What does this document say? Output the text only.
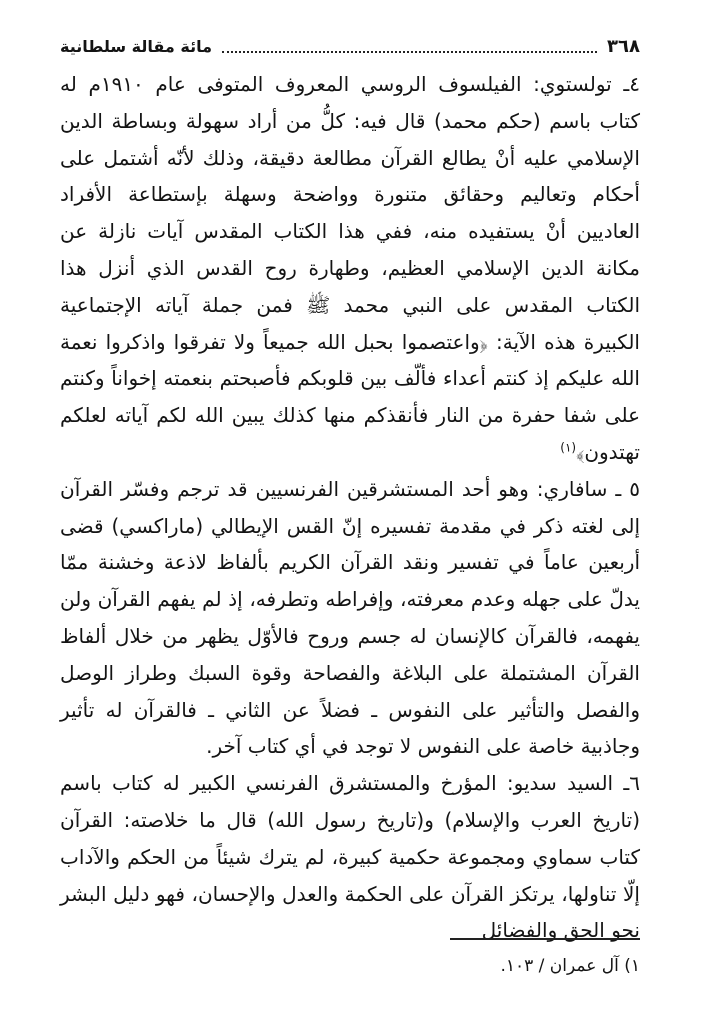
٣٦٨
مائة مقالة سلطانية

٤ـ تولستوي: الفيلسوف الروسي المعروف المتوفى عام ١٩١٠م له كتاب باسم (حكم محمد) قال فيه: كلُّ من أراد سهولة وبساطة الدين الإسلامي عليه أنْ يطالع القرآن مطالعة دقيقة، وذلك لأنّه أشتمل على أحكام وتعاليم وحقائق متنورة وواضحة وسهلة بإستطاعة الأفراد العاديين أنْ يستفيده منه، ففي هذا الكتاب المقدس آيات نازلة عن مكانة الدين الإسلامي العظيم، وطهارة روح القدس الذي أنزل هذا الكتاب المقدس على النبي محمد ﷺ فمن جملة آياته الإجتماعية الكبيرة هذه الآية: ﴿واعتصموا بحبل الله جميعاً ولا تفرقوا واذكروا نعمة الله عليكم إذ كنتم أعداء فألّف بين قلوبكم فأصبحتم بنعمته إخواناً وكنتم على شفا حفرة من النار فأنقذكم منها كذلك يبين الله لكم آياته لعلكم تهتدون﴾$^{(١)}$

٥ ـ سافاري: وهو أحد المستشرقين الفرنسيين قد ترجم وفسّر القرآن إلى لغته ذكر في مقدمة تفسيره إنّ القس الإيطالي (ماراكسي) قضى أربعين عاماً في تفسير ونقد القرآن الكريم بألفاظ لاذعة وخشنة ممّا يدلّ على جهله وعدم معرفته، وإفراطه وتطرفه، إذ لم يفهم القرآن ولن يفهمه، فالقرآن كالإنسان له جسم وروح فالأوّل يظهر من خلال ألفاظ القرآن المشتملة على البلاغة والفصاحة وقوة السبك وطراز الوصل والفصل والتأثير على النفوس ـ فضلاً عن الثاني ـ فالقرآن له تأثير وجاذبية خاصة على النفوس لا توجد في أي كتاب آخر.

٦ـ السيد سديو: المؤرخ والمستشرق الفرنسي الكبير له كتاب باسم (تاريخ العرب والإسلام) و(تاريخ رسول الله) قال ما خلاصته: القرآن كتاب سماوي ومجموعة حكمية كبيرة، لم يترك شيئاً من الحكم والآداب إلّا تناولها، يرتكز القرآن على الحكمة والعدل والإحسان، فهو دليل البشر نحو الحق والفضائل

١) آل عمران / ١٠٣.
